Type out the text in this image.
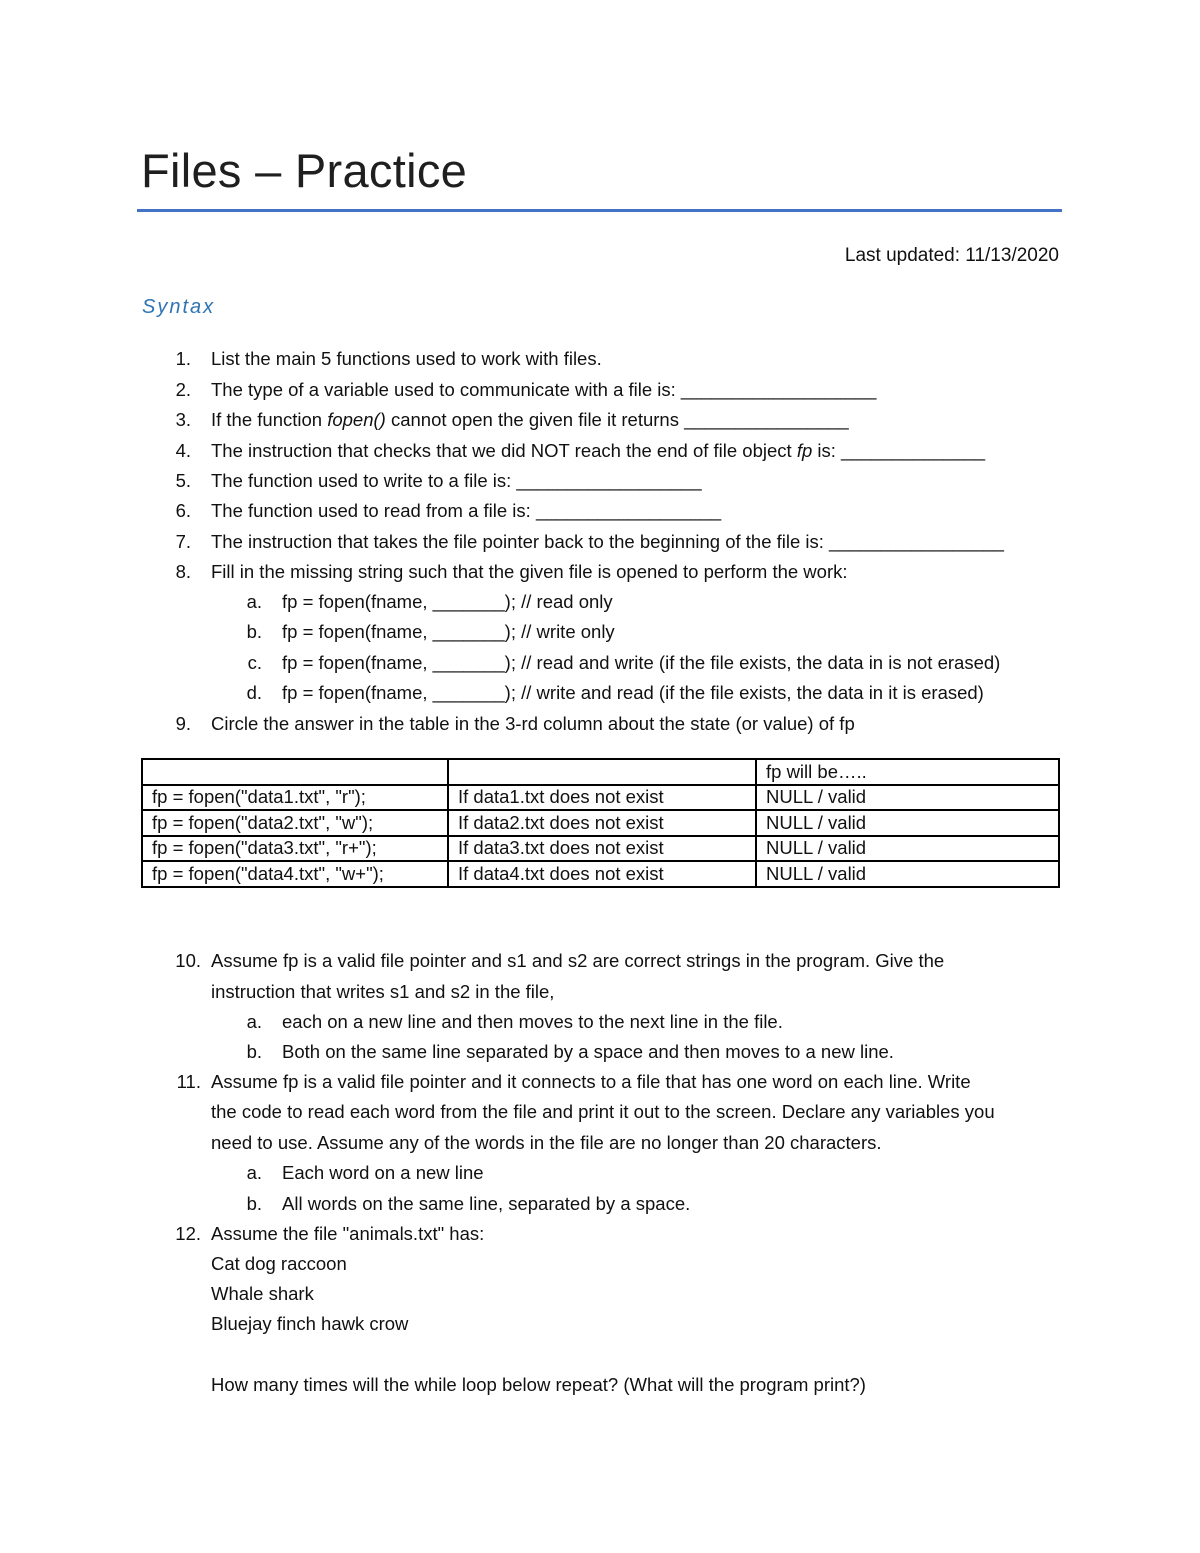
Files – Practice
Last updated: 11/13/2020
Syntax
1. List the main 5 functions used to work with files.
2. The type of a variable used to communicate with a file is: ___________________
3. If the function fopen() cannot open the given file it returns ________________
4. The instruction that checks that we did NOT reach the end of file object fp is: ______________
5. The function used to write to a file is: __________________
6. The function used to read from a file is: __________________
7. The instruction that takes the file pointer back to the beginning of the file is: _________________
8. Fill in the missing string such that the given file is opened to perform the work:
a. fp = fopen(fname, _______); // read only
b. fp = fopen(fname, _______); // write only
c. fp = fopen(fname, _______); // read and write (if the file exists, the data in is not erased)
d. fp = fopen(fname, _______); // write and read (if the file exists, the data in it is erased)
9. Circle the answer in the table in the 3-rd column about the state (or value) of fp
		fp will be…..
fp = fopen("data1.txt", "r");	If data1.txt does not exist	NULL / valid
fp = fopen("data2.txt", "w");	If data2.txt does not exist	NULL / valid
fp = fopen("data3.txt", "r+");	If data3.txt does not exist	NULL / valid
fp = fopen("data4.txt", "w+");	If data4.txt does not exist	NULL / valid
10. Assume fp is a valid file pointer and s1 and s2 are correct strings in the program. Give the
instruction that writes s1 and s2 in the file,
a. each on a new line and then moves to the next line in the file.
b. Both on the same line separated by a space and then moves to a new line.
11. Assume fp is a valid file pointer and it connects to a file that has one word on each line. Write
the code to read each word from the file and print it out to the screen. Declare any variables you
need to use. Assume any of the words in the file are no longer than 20 characters.
a. Each word on a new line
b. All words on the same line, separated by a space.
12. Assume the file "animals.txt" has:
Cat dog raccoon
Whale shark
Bluejay finch hawk crow
How many times will the while loop below repeat? (What will the program print?)
